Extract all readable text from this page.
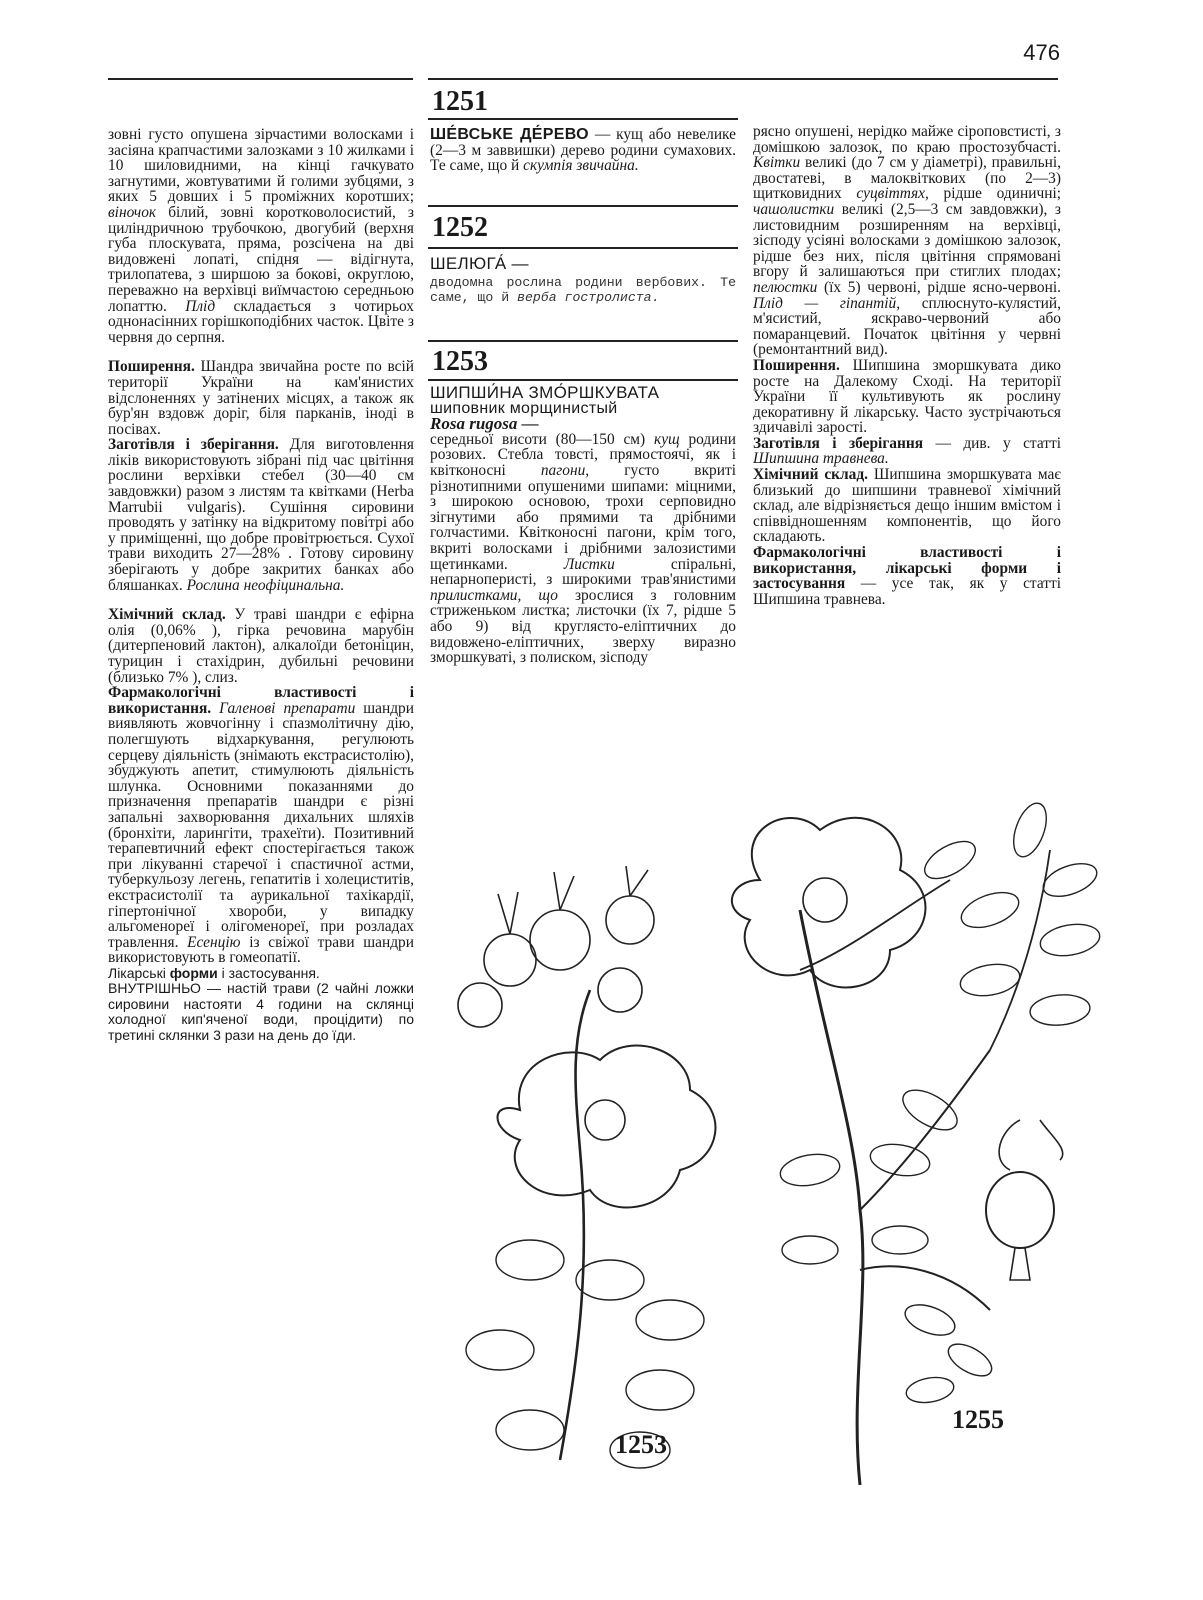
476

зовні густо опушена зірчастими волосками і засіяна крапчастими залозками з 10 жилками і 10 шиловидними, на кінці гачкувато загнутими, жовтуватими й голими зубцями, з яких 5 довших і 5 проміжних коротших; віночок білий, зовні коротковолосистий, з циліндричною трубочкою, двогубий (верхня губа плоскувата, пряма, розсічена на дві видовжені лопаті, спідня — відігнута, трилопатева, з ширшою за бокові, округлою, переважно на верхівці виїмчастою середньою лопаттю. Плід складається з чотирьох однонасінних горішкоподібних часток. Цвіте з червня до серпня.

Поширення. Шандра звичайна росте по всій території України на кам'янистих відслоненнях у затінених місцях, а також як бур'ян вздовж доріг, біля парканів, іноді в посівах.

Заготівля і зберігання. Для виготовлення ліків використовують зібрані під час цвітіння рослини верхівки стебел (30—40 см завдовжки) разом з листям та квітками (Herba Marrubii vulgaris). Сушіння сировини проводять у затінку на відкритому повітрі або у приміщенні, що добре провітрюється. Сухої трави виходить 27—28% . Готову сировину зберігають у добре закритих банках або бляшанках. Рослина неофіцинальна.

Хімічний склад. У траві шандри є ефірна олія (0,06% ), гірка речовина марубін (дитерпеновий лактон), алкалоїди бетоніцин, турицин і стахідрин, дубильні речовини (близько 7% ), слиз.

Фармакологічні властивості і використання. Галенові препарати шандри виявляють жовчогінну і спазмолітичну дію, полегшують відхаркування, регулюють серцеву діяльність (знімають екстрасистолію), збуджують апетит, стимулюють діяльність шлунка. Основними показаннями до призначення препаратів шандри є різні запальні захворювання дихальних шляхів (бронхіти, ларингіти, трахеїти). Позитивний терапевтичний ефект спостерігається також при лікуванні старечої і спастичної астми, туберкульозу легень, гепатитів і холециститів, екстрасистолії та аурикальної тахікардії, гіпертонічної хвороби, у випадку альгоменореї і олігоменореї, при розладах травлення. Есенцію із свіжої трави шандри використовують в гомеопатії.

Лікарські форми і застосування.

ВНУТРІШНЬО — настій трави (2 чайні ложки сировини настояти 4 години на склянці холодної кип'яченої води, процідити) по третині склянки 3 рази на день до їди.

1251
ШЕ́ВСЬКЕ ДЕ́РЕВО — кущ або невелике (2—3 м заввишки) дерево родини сумахових. Те саме, що й скумпія звичайна.
1252
ШЕЛЮГА́ —
дводомна рослина родини вербових. Те саме, що й верба гостролиста.
1253
ШИПШИ́НА ЗМО́РШКУВАТА
шиповник морщинистый
Rosa rugosa —

середньої висоти (80—150 см) кущ родини розових. Стебла товсті, прямостоячі, як і квітконосні пагони, густо вкриті різнотипними опушеними шипами: міцними, з широкою основою, трохи серповидно зігнутими або прямими та дрібними голчастими. Квітконосні пагони, крім того, вкриті волосками і дрібними залозистими щетинками.	Листки	спіральні, непарноперисті, з широкими трав'янистими прилистками, що зрослися з головним стриженьком листка; листочки (їх 7, рідше 5 або 9) від кругляcто-еліптичних до видовжено-еліптичних, зверху виразно зморшкуваті, з полиском, зісподу

рясно опушені, нерідко майже сіроповстисті, з домішкою залозок, по краю простозубчасті. Квітки великі (до 7 см у діаметрі), правильні, двостатеві, в малоквіткових (по 2—3) щитковидних суцвіттях, рідше одиничні; чашолистки великі (2,5—3 см завдовжки), з листовидним розширенням на верхівці, зісподу усіяні волосками з домішкою залозок, рідше без них, після цвітіння спрямовані вгору й залишаються при стиглих плодах; пелюстки (їх 5) червоні, рідше ясно-червоні. Плід — гіпантій, сплюснуто-кулястий, м'ясистий, яскраво-червоний або помаранцевий. Початок цвітіння у червні (ремонтантний вид).

Поширення. Шипшина зморшкувата дико росте на Далекому Сході. На території України її культивують як рослину декоративну й лікарську. Часто зустрічаються здичавілі зарості.

Заготівля і зберігання — див. у статті Шипшина травнева.

Хімічний склад. Шипшина зморшкувата має близький до шипшини травневої хімічний склад, але відрізняється дещо іншим вмістом і співвідношенням компонентів, що його складають.

Фармакологічні властивості і використання, лікарські форми і застосування — усе так, як у статті Шипшина травнева.

1253
1255
